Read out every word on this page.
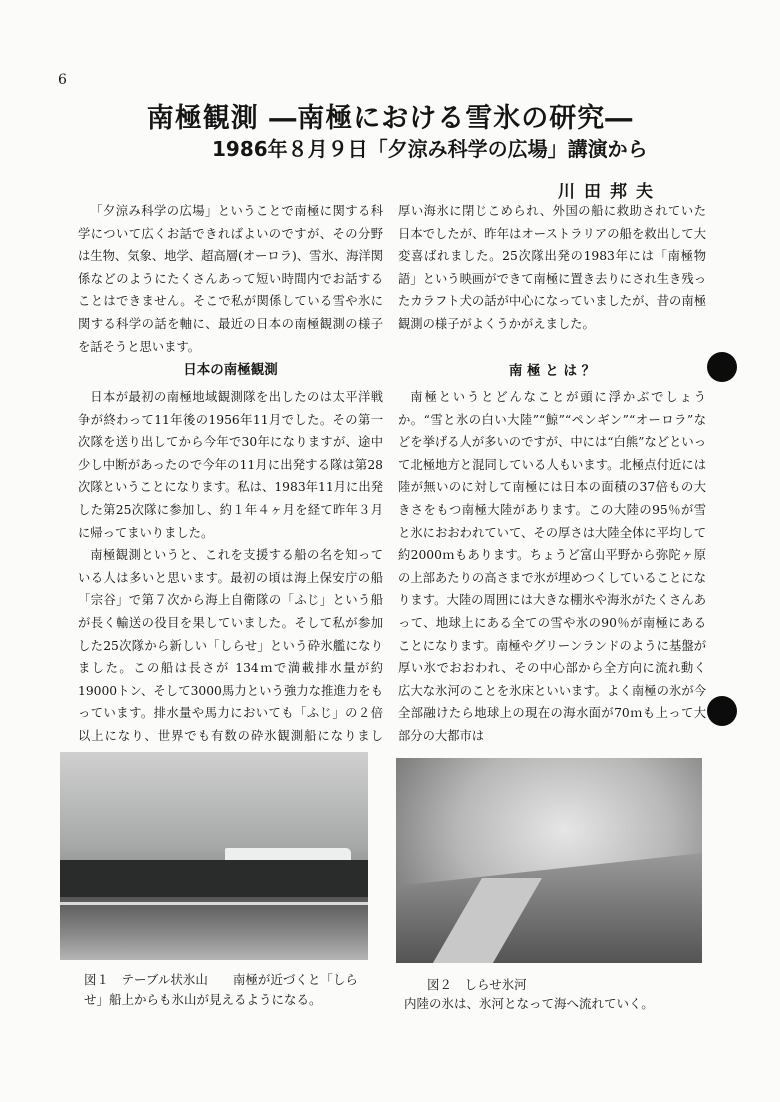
6
南極観測 ―南極における雪氷の研究―
1986年８月９日「夕涼み科学の広場」講演から
川田邦夫

「夕涼み科学の広場」ということで南極に関する科学について広くお話できればよいのですが、その分野は生物、気象、地学、超高層(オーロラ)、雪氷、海洋関係などのようにたくさんあって短い時間内でお話することはできません。そこで私が関係している雪や氷に関する科学の話を軸に、最近の日本の南極観測の様子を話そうと思います。

日本の南極観測

日本が最初の南極地域観測隊を出したのは太平洋戦争が終わって11年後の1956年11月でした。その第一次隊を送り出してから今年で30年になりますが、途中少し中断があったので今年の11月に出発する隊は第28次隊ということになります。私は、1983年11月に出発した第25次隊に参加し、約１年４ヶ月を経て昨年３月に帰ってまいりました。

南極観測というと、これを支援する船の名を知っている人は多いと思います。最初の頃は海上保安庁の船「宗谷」で第７次から海上自衛隊の「ふじ」という船が長く輸送の役目を果していました。そして私が参加した25次隊から新しい「しらせ」という砕氷艦になりました。この船は長さが 134ｍで満載排水量が約19000トン、そして3000馬力という強力な推進力をもっています。排水量や馬力においても「ふじ」の２倍以上になり、世界でも有数の砕氷観測船になりまし

厚い海氷に閉じこめられ、外国の船に救助されていた日本でしたが、昨年はオーストラリアの船を救出して大変喜ばれました。25次隊出発の1983年には「南極物語」という映画ができて南極に置き去りにされ生き残ったカラフト犬の話が中心になっていましたが、昔の南極観測の様子がよくうかがえました。

南 極 と は ？

南極というとどんなことが頭に浮かぶでしょうか。“雪と氷の白い大陸”“鯨”“ペンギン”“オーロラ”などを挙げる人が多いのですが、中には“白熊”などといって北極地方と混同している人もいます。北極点付近には陸が無いのに対して南極には日本の面積の37倍もの大きさをもつ南極大陸があります。この大陸の95％が雪と氷におおわれていて、その厚さは大陸全体に平均して約2000ｍもあります。ちょうど富山平野から弥陀ヶ原の上部あたりの高さまで氷が埋めつくしていることになります。大陸の周囲には大きな棚氷や海氷がたくさんあって、地球上にある全ての雪や氷の90％が南極にあることになります。南極やグリーンランドのように基盤が厚い氷でおおわれ、その中心部から全方向に流れ動く広大な氷河のことを氷床といいます。よく南極の氷が今全部融けたら地球上の現在の海水面が70ｍも上って大部分の大都市は

図１　テーブル状氷山　　南極が近づくと「しらせ」船上からも氷山が見えるようになる。
図２　しらせ氷河
内陸の氷は、氷河となって海へ流れていく。
